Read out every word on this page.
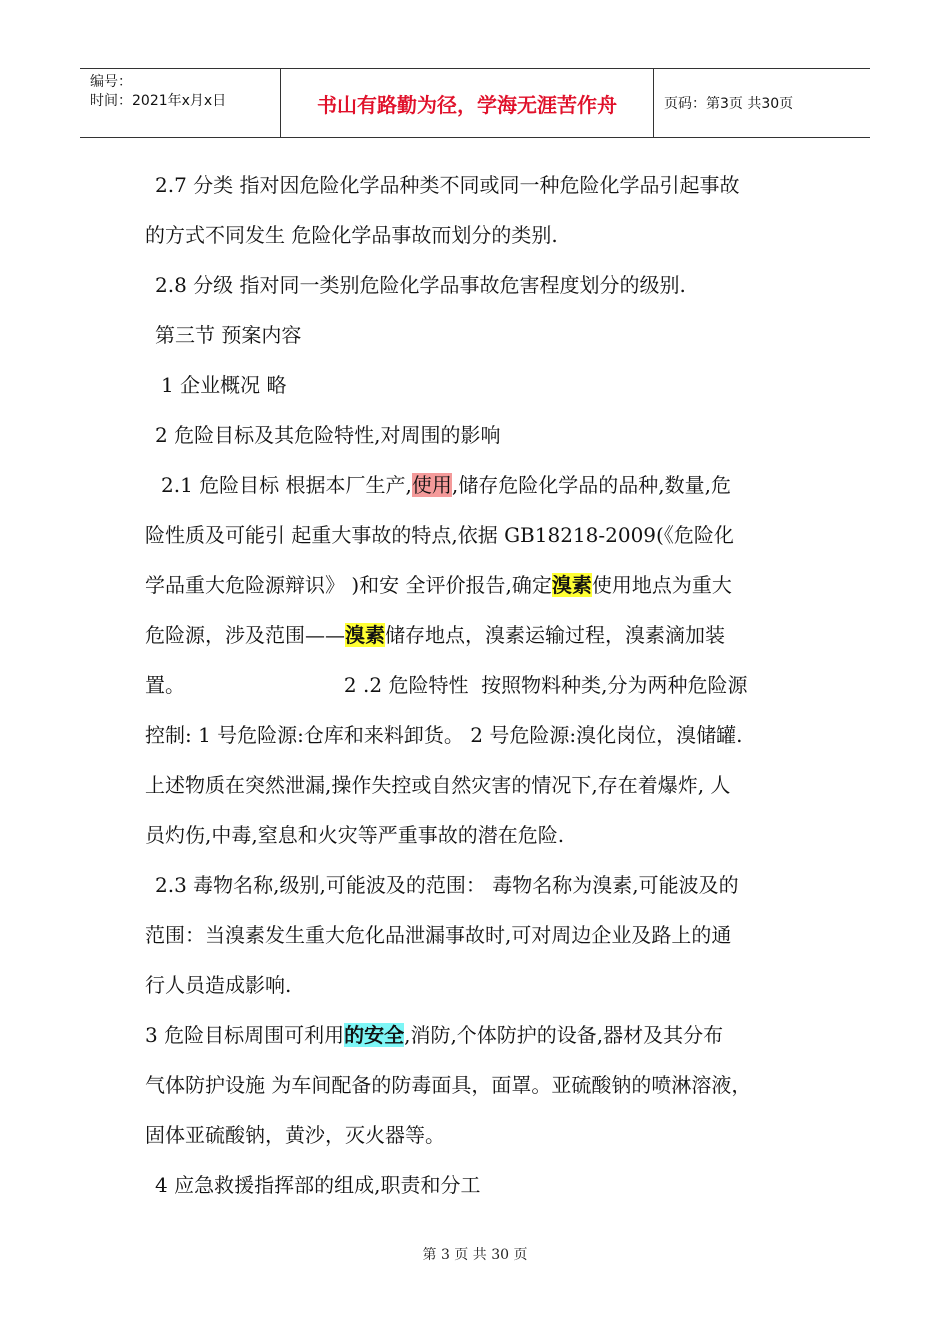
编号：
时间：2021年x月x日	书山有路勤为径，学海无涯苦作舟	页码：第3页 共30页
2.7 分类 指对因危险化学品种类不同或同一种危险化学品引起事故
的方式不同发生 危险化学品事故而划分的类别.
2.8 分级 指对同一类别危险化学品事故危害程度划分的级别.
第三节 预案内容
1 企业概况 略
2 危险目标及其危险特性,对周围的影响
2.1 危险目标 根据本厂生产,使用,储存危险化学品的品种,数量,危
险性质及可能引 起重大事故的特点,依据 GB18218-2009(《危险化
学品重大危险源辩识》 )和安 全评价报告,确定溴素使用地点为重大
危险源，涉及范围——溴素储存地点，溴素运输过程，溴素滴加装
置。                         2 .2 危险特性  按照物料种类,分为两种危险源
控制: 1 号危险源:仓库和来料卸货。 2 号危险源:溴化岗位，溴储罐.
上述物质在突然泄漏,操作失控或自然灾害的情况下,存在着爆炸, 人
员灼伤,中毒,窒息和火灾等严重事故的潜在危险.
2.3 毒物名称,级别,可能波及的范围： 毒物名称为溴素,可能波及的
范围：当溴素发生重大危化品泄漏事故时,可对周边企业及路上的通
行人员造成影响.
3 危险目标周围可利用的安全,消防,个体防护的设备,器材及其分布
气体防护设施 为车间配备的防毒面具，面罩。亚硫酸钠的喷淋溶液，
固体亚硫酸钠，黄沙，灭火器等。
4 应急救援指挥部的组成,职责和分工
第 3 页 共 30 页
